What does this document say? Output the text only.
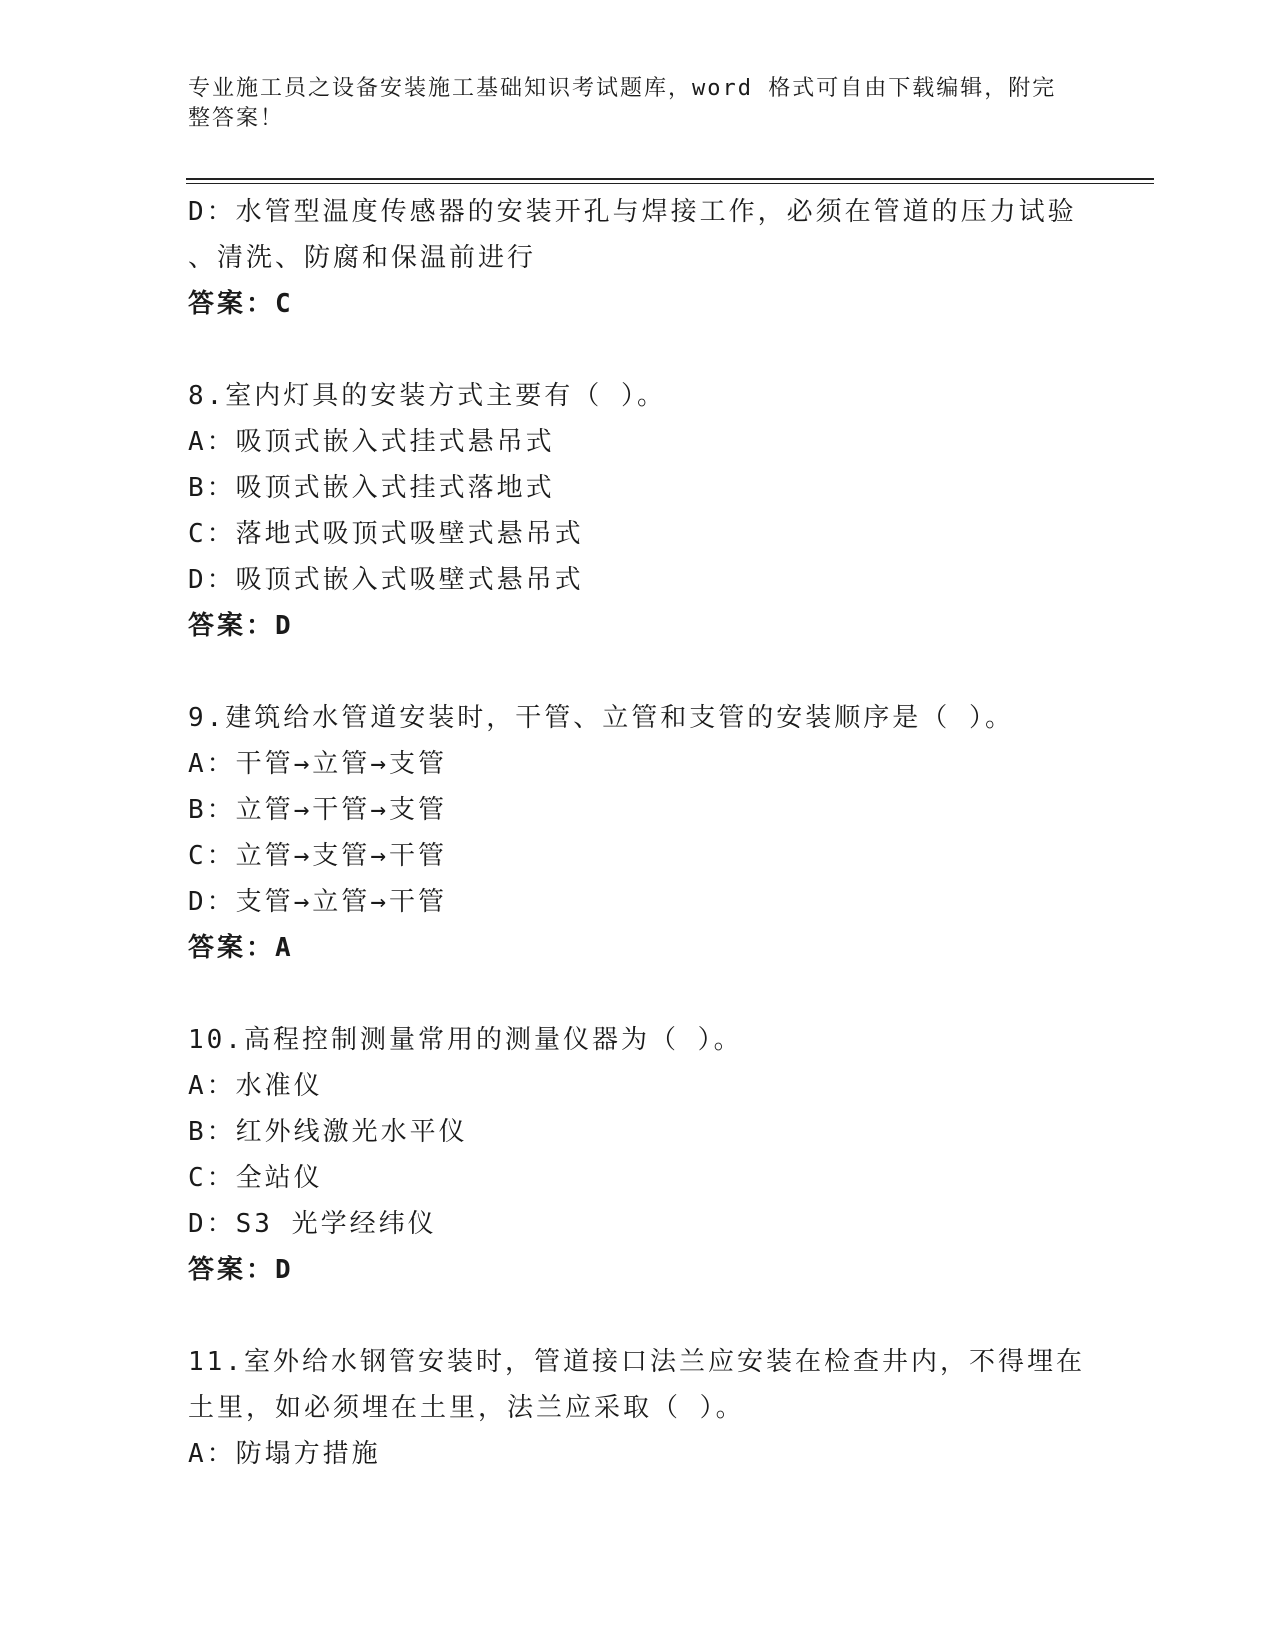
专业施工员之设备安装施工基础知识考试题库，word 格式可自由下载编辑，附完
整答案！
D：水管型温度传感器的安装开孔与焊接工作，必须在管道的压力试验
、清洗、防腐和保温前进行
答案：C
8.室内灯具的安装方式主要有（ ）。
A：吸顶式嵌入式挂式悬吊式
B：吸顶式嵌入式挂式落地式
C：落地式吸顶式吸壁式悬吊式
D：吸顶式嵌入式吸壁式悬吊式
答案：D
9.建筑给水管道安装时，干管、立管和支管的安装顺序是（ ）。
A：干管→立管→支管
B：立管→干管→支管
C：立管→支管→干管
D：支管→立管→干管
答案：A
10.高程控制测量常用的测量仪器为（ ）。
A：水准仪
B：红外线激光水平仪
C：全站仪
D：S3 光学经纬仪
答案：D
11.室外给水钢管安装时，管道接口法兰应安装在检查井内，不得埋在
土里，如必须埋在土里，法兰应采取（ ）。
A：防塌方措施
